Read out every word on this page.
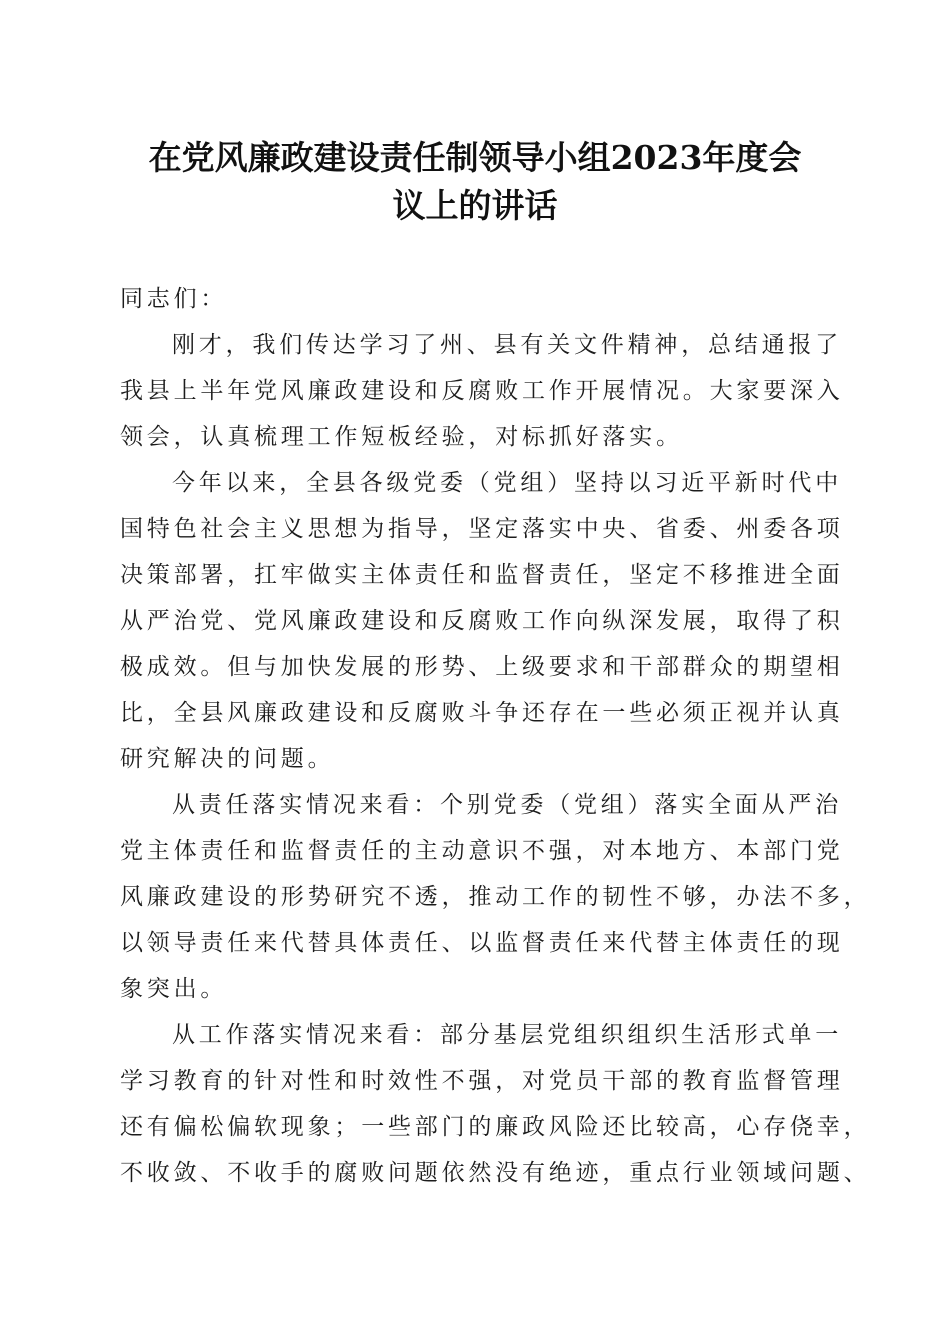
在党风廉政建设责任制领导小组2023年度会
议上的讲话
同志们：
刚才，我们传达学习了州、县有关文件精神，总结通报了
我县上半年党风廉政建设和反腐败工作开展情况。大家要深入
领会，认真梳理工作短板经验，对标抓好落实。
今年以来，全县各级党委（党组）坚持以习近平新时代中
国特色社会主义思想为指导，坚定落实中央、省委、州委各项
决策部署，扛牢做实主体责任和监督责任，坚定不移推进全面
从严治党、党风廉政建设和反腐败工作向纵深发展，取得了积
极成效。但与加快发展的形势、上级要求和干部群众的期望相
比，全县风廉政建设和反腐败斗争还存在一些必须正视并认真
研究解决的问题。
从责任落实情况来看：个别党委（党组）落实全面从严治
党主体责任和监督责任的主动意识不强，对本地方、本部门党
风廉政建设的形势研究不透，推动工作的韧性不够，办法不多，
以领导责任来代替具体责任、以监督责任来代替主体责任的现
象突出。
从工作落实情况来看：部分基层党组织组织生活形式单一
学习教育的针对性和时效性不强，对党员干部的教育监督管理
还有偏松偏软现象；一些部门的廉政风险还比较高，心存侥幸，
不收敛、不收手的腐败问题依然没有绝迹，重点行业领域问题、
